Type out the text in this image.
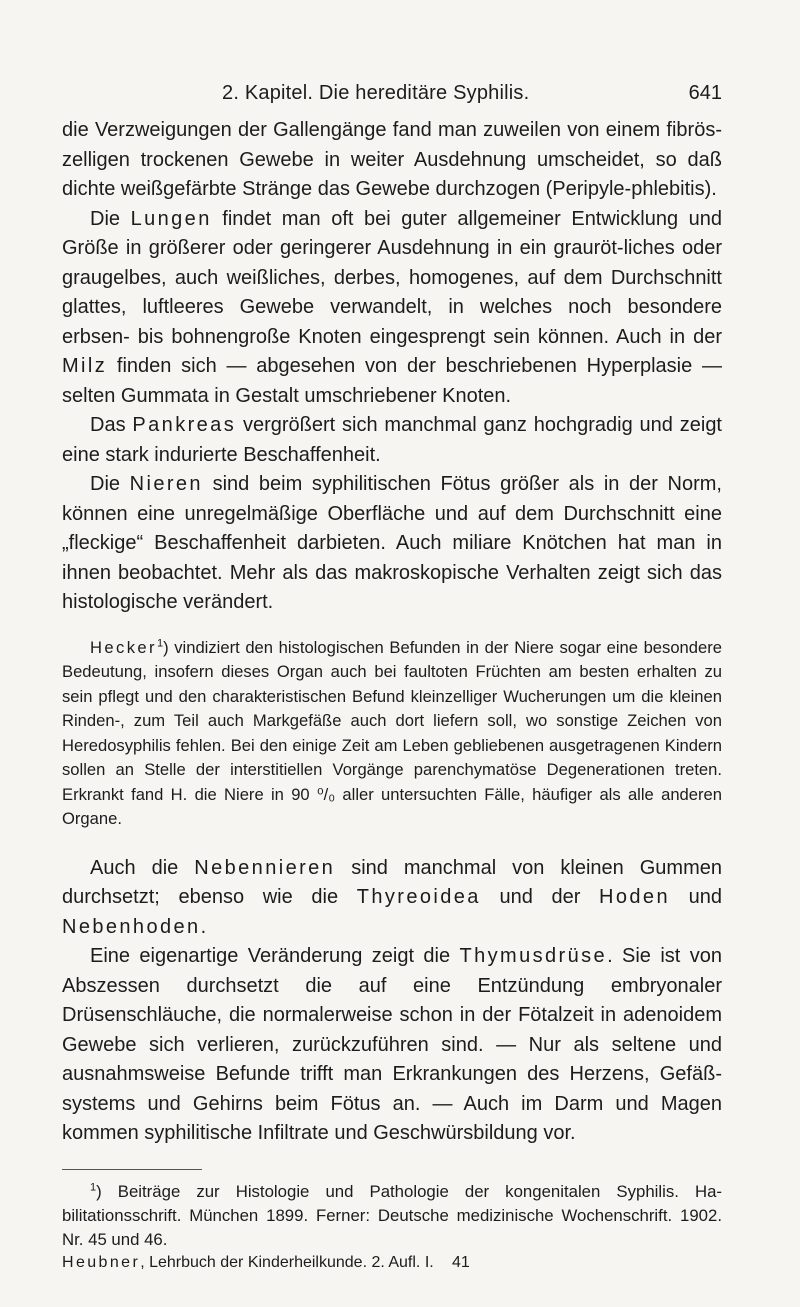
2. Kapitel. Die hereditäre Syphilis.	641

die Verzweigungen der Gallengänge fand man zuweilen von einem fibrös-zelligen trockenen Gewebe in weiter Ausdehnung umscheidet, so daß dichte weißgefärbte Stränge das Gewebe durchzogen (Peripyle-phlebitis).

Die Lungen findet man oft bei guter allgemeiner Entwicklung und Größe in größerer oder geringerer Ausdehnung in ein grauröt-liches oder graugelbes, auch weißliches, derbes, homogenes, auf dem Durchschnitt glattes, luftleeres Gewebe verwandelt, in welches noch besondere erbsen- bis bohnengroße Knoten eingesprengt sein können. Auch in der Milz finden sich — abgesehen von der beschriebenen Hyperplasie — selten Gummata in Gestalt umschriebener Knoten.

Das Pankreas vergrößert sich manchmal ganz hochgradig und zeigt eine stark indurierte Beschaffenheit.

Die Nieren sind beim syphilitischen Fötus größer als in der Norm, können eine unregelmäßige Oberfläche und auf dem Durchschnitt eine „fleckige“ Beschaffenheit darbieten. Auch miliare Knötchen hat man in ihnen beobachtet. Mehr als das makroskopische Verhalten zeigt sich das histologische verändert.

Hecker$^1$) vindiziert den histologischen Befunden in der Niere sogar eine besondere Bedeutung, insofern dieses Organ auch bei faultoten Früchten am besten erhalten zu sein pflegt und den charakteristischen Befund kleinzelliger Wucherungen um die kleinen Rinden-, zum Teil auch Markgefäße auch dort liefern soll, wo sonstige Zeichen von Heredosyphilis fehlen. Bei den einige Zeit am Leben gebliebenen ausgetragenen Kindern sollen an Stelle der interstitiellen Vorgänge parenchymatöse Degenerationen treten. Erkrankt fand H. die Niere in 90 ⁰/₀ aller untersuchten Fälle, häufiger als alle anderen Organe.

Auch die Nebennieren sind manchmal von kleinen Gummen durchsetzt; ebenso wie die Thyreoidea und der Hoden und Nebenhoden.

Eine eigenartige Veränderung zeigt die Thymusdrüse. Sie ist von Abszessen durchsetzt die auf eine Entzündung embryonaler Drüsenschläuche, die normalerweise schon in der Fötalzeit in adenoidem Gewebe sich verlieren, zurückzuführen sind. — Nur als seltene und ausnahmsweise Befunde trifft man Erkrankungen des Herzens, Gefäß-systems und Gehirns beim Fötus an. — Auch im Darm und Magen kommen syphilitische Infiltrate und Geschwürsbildung vor.

$^1$) Beiträge zur Histologie und Pathologie der kongenitalen Syphilis. Ha-bilitationsschrift. München 1899. Ferner: Deutsche medizinische Wochenschrift. 1902. Nr. 45 und 46.

Heubner, Lehrbuch der Kinderheilkunde. 2. Aufl. I. 41
